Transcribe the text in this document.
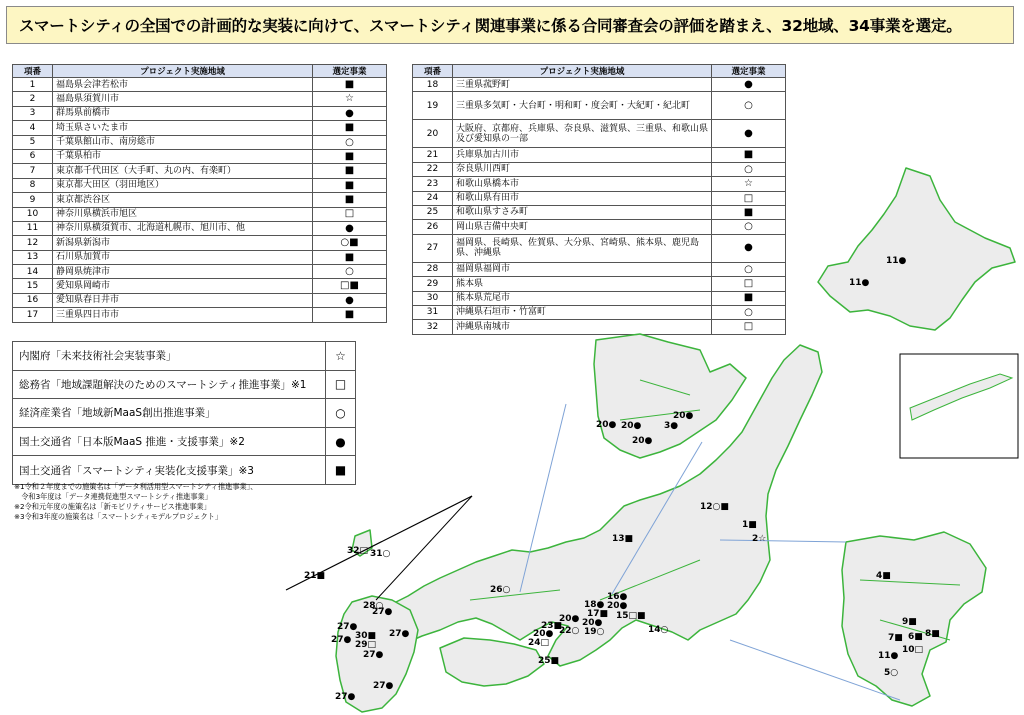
スマートシティの全国での計画的な実装に向けて、スマートシティ関連事業に係る合同審査会の評価を踏まえ、32地域、34事業を選定。
項番	プロジェクト実施地域	選定事業
1	福島県会津若松市	■
2	福島県須賀川市	☆
3	群馬県前橋市	●
4	埼玉県さいたま市	■
5	千葉県館山市、南房総市	○
6	千葉県柏市	■
7	東京都千代田区（大手町、丸の内、有楽町）	■
8	東京都大田区（羽田地区）	■
9	東京都渋谷区	■
10	神奈川県横浜市旭区	□
11	神奈川県横須賀市、北海道札幌市、旭川市、他	●
12	新潟県新潟市	○■
13	石川県加賀市	■
14	静岡県焼津市	○
15	愛知県岡崎市	□■
16	愛知県春日井市	●
17	三重県四日市市	■
項番	プロジェクト実施地域	選定事業
18	三重県菰野町	●
19	三重県多気町・大台町・明和町・度会町・大紀町・紀北町	○
20	大阪府、京都府、兵庫県、奈良県、滋賀県、三重県、和歌山県及び愛知県の一部	●
21	兵庫県加古川市	■
22	奈良県川西町	○
23	和歌山県橋本市	☆
24	和歌山県有田市	□
25	和歌山県すさみ町	■
26	岡山県吉備中央町	○
27	福岡県、長崎県、佐賀県、大分県、宮崎県、熊本県、鹿児島県、沖縄県	●
28	福岡県福岡市	○
29	熊本県	□
30	熊本県荒尾市	■
31	沖縄県石垣市・竹富町	○
32	沖縄県南城市	□
内閣府「未来技術社会実装事業」	☆
総務省「地域課題解決のためのスマートシティ推進事業」※1	□
経済産業省「地域新MaaS創出推進事業」	○
国土交通省「日本版MaaS 推進・支援事業」※2	●
国土交通省「スマートシティ実装化支援事業」※3	■
※1令和２年度までの施策名は「データ利活用型スマートシティ推進事業」、
　令和3年度は「データ連携促進型スマートシティ推進事業」
※2令和元年度の施策名は「新モビリティサービス推進事業」
※3令和3年度の施策名は「スマートシティモデルプロジェクト」
11●
11●
12○■
1■
2☆
13■
16●
20●
18●
17■ 15□■
14○
20● 20●
22○ 19○
23■
20●
24□
25■
26○
28○
27●
27●
30■ 27●
29□
27●
27●
27●
27●
32□ 31○
21■
20● 20●
20●
20●
3●
4■
9■
7■ 6■ 8■
10□
11●
5○
